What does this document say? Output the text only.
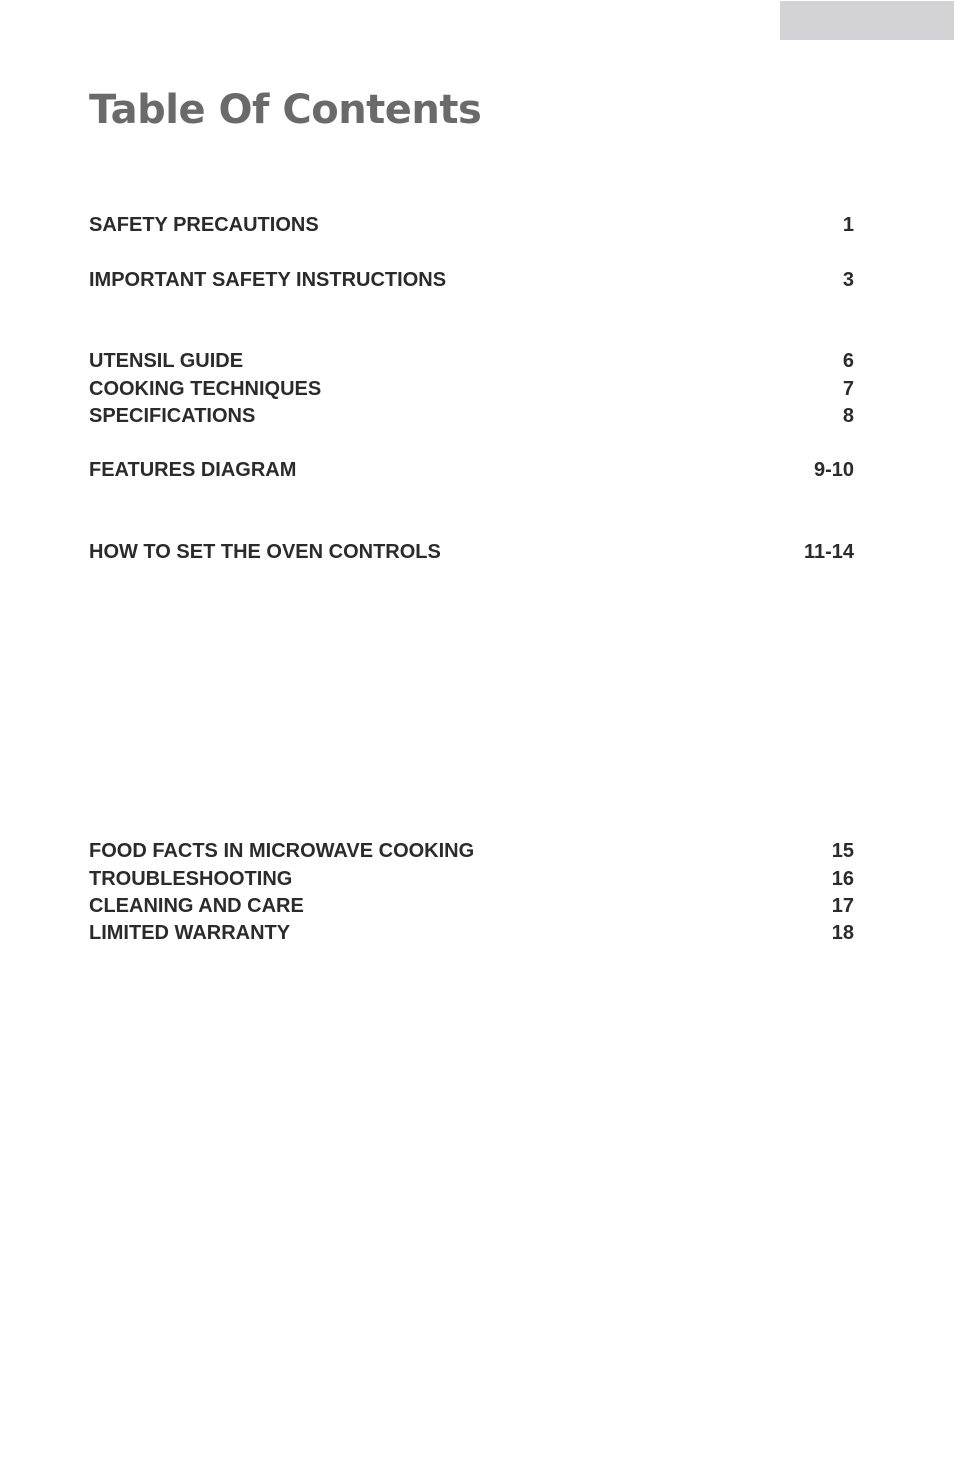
Table Of Contents
SAFETY PRECAUTIONS	1
IMPORTANT SAFETY INSTRUCTIONS	3
UTENSIL GUIDE	6
COOKING TECHNIQUES	7
SPECIFICATIONS	8
FEATURES DIAGRAM	9-10
HOW TO SET THE OVEN CONTROLS	11-14
FOOD FACTS IN MICROWAVE COOKING	15
TROUBLESHOOTING	16
CLEANING AND CARE	17
LIMITED WARRANTY	18
